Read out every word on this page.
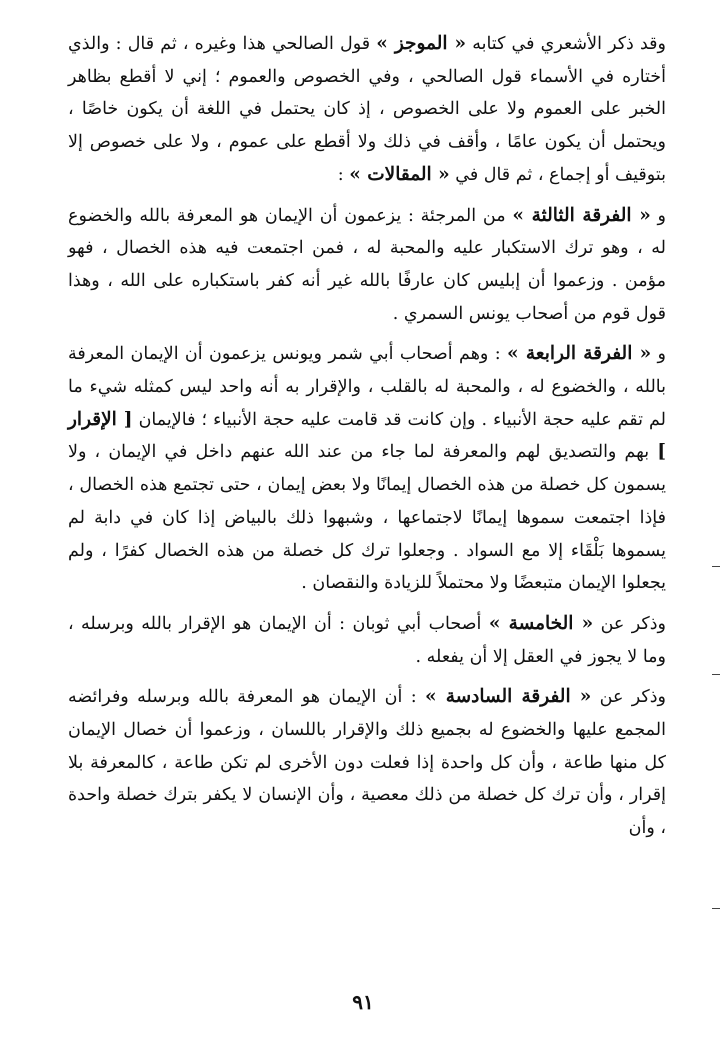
وقد ذكر الأشعري في كتابه « الموجز » قول الصالحي هذا وغيره ، ثم قال : والذي أختاره في الأسماء قول الصالحي ، وفي الخصوص والعموم ؛ إني لا أقطع بظاهر الخبر على العموم ولا على الخصوص ، إذ كان يحتمل في اللغة أن يكون خاصًا ، ويحتمل أن يكون عامًا ، وأقف في ذلك ولا أقطع على عموم ، ولا على خصوص إلا بتوقيف أو إجماع ، ثم قال في « المقالات » :

و « الفرقة الثالثة » من المرجئة : يزعمون أن الإيمان هو المعرفة بالله والخضوع له ، وهو ترك الاستكبار عليه والمحبة له ، فمن اجتمعت فيه هذه الخصال ، فهو مؤمن . وزعموا أن إبليس كان عارفًا بالله غير أنه كفر باستكباره على الله ، وهذا قول قوم من أصحاب يونس السمري .

و « الفرقة الرابعة » : وهم أصحاب أبي شمر ويونس يزعمون أن الإيمان المعرفة بالله ، والخضوع له ، والمحبة له بالقلب ، والإقرار به أنه واحد ليس كمثله شيء ما لم تقم عليه حجة الأنبياء . وإن كانت قد قامت عليه حجة الأنبياء ؛ فالإيمان [ الإقرار ] بهم والتصديق لهم والمعرفة لما جاء من عند الله عنهم داخل في الإيمان ، ولا يسمون كل خصلة من هذه الخصال إيمانًا ولا بعض إيمان ، حتى تجتمع هذه الخصال ، فإذا اجتمعت سموها إيمانًا لاجتماعها ، وشبهوا ذلك بالبياض إذا كان في دابة لم يسموها بَلْقَاء إلا مع السواد . وجعلوا ترك كل خصلة من هذه الخصال كفرًا ، ولم يجعلوا الإيمان متبعضًا ولا محتملاً للزيادة والنقصان .

وذكر عن « الخامسة » أصحاب أبي ثوبان : أن الإيمان هو الإقرار بالله وبرسله ، وما لا يجوز في العقل إلا أن يفعله .

وذكر عن « الفرقة السادسة » : أن الإيمان هو المعرفة بالله وبرسله وفرائضه المجمع عليها والخضوع له بجميع ذلك والإقرار باللسان ، وزعموا أن خصال الإيمان كل منها طاعة ، وأن كل واحدة إذا فعلت دون الأخرى لم تكن طاعة ، كالمعرفة بلا إقرار ، وأن ترك كل خصلة من ذلك معصية ، وأن الإنسان لا يكفر بترك خصلة واحدة ، وأن

٩١
